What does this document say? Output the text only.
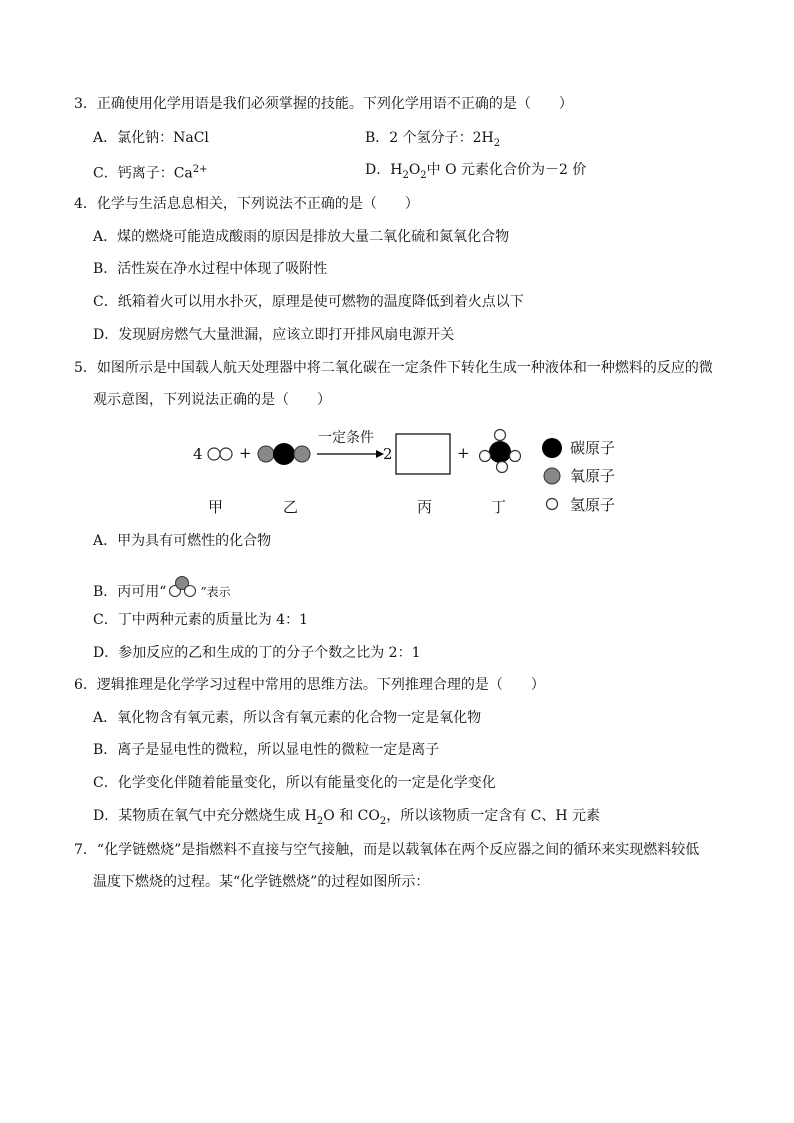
3．正确使用化学用语是我们必须掌握的技能。下列化学用语不正确的是（　　）
A．氯化钠：NaCl	B．2 个氢分子：$2H_2$
C．钙离子：$Ca^{2+}$	D．$H_2O_2$中 O 元素化合价为－2 价
4．化学与生活息息相关，下列说法不正确的是（　　）
A．煤的燃烧可能造成酸雨的原因是排放大量二氧化硫和氮氧化合物
B．活性炭在净水过程中体现了吸附性
C．纸箱着火可以用水扑灭，原理是使可燃物的温度降低到着火点以下
D．发现厨房燃气大量泄漏，应该立即打开排风扇电源开关
5．如图所示是中国载人航天处理器中将二氧化碳在一定条件下转化生成一种液体和一种燃料的反应的微
观示意图，下列说法正确的是（　　）
4 +
一定条件
2	+	碳原子
氧原子
氢原子
甲	乙	丙	丁
A．甲为具有可燃性的化合物
B．丙可用“	”表示
C．丁中两种元素的质量比为 4：1
D．参加反应的乙和生成的丁的分子个数之比为 2：1
6．逻辑推理是化学学习过程中常用的思维方法。下列推理合理的是（　　）
A．氧化物含有氧元素，所以含有氧元素的化合物一定是氧化物
B．离子是显电性的微粒，所以显电性的微粒一定是离子
C．化学变化伴随着能量变化，所以有能量变化的一定是化学变化
D．某物质在氧气中充分燃烧生成 $H_2O$ 和 $CO_2$，所以该物质一定含有 C、H 元素
7．“化学链燃烧”是指燃料不直接与空气接触，而是以载氧体在两个反应器之间的循环来实现燃料较低
温度下燃烧的过程。某“化学链燃烧”的过程如图所示：
